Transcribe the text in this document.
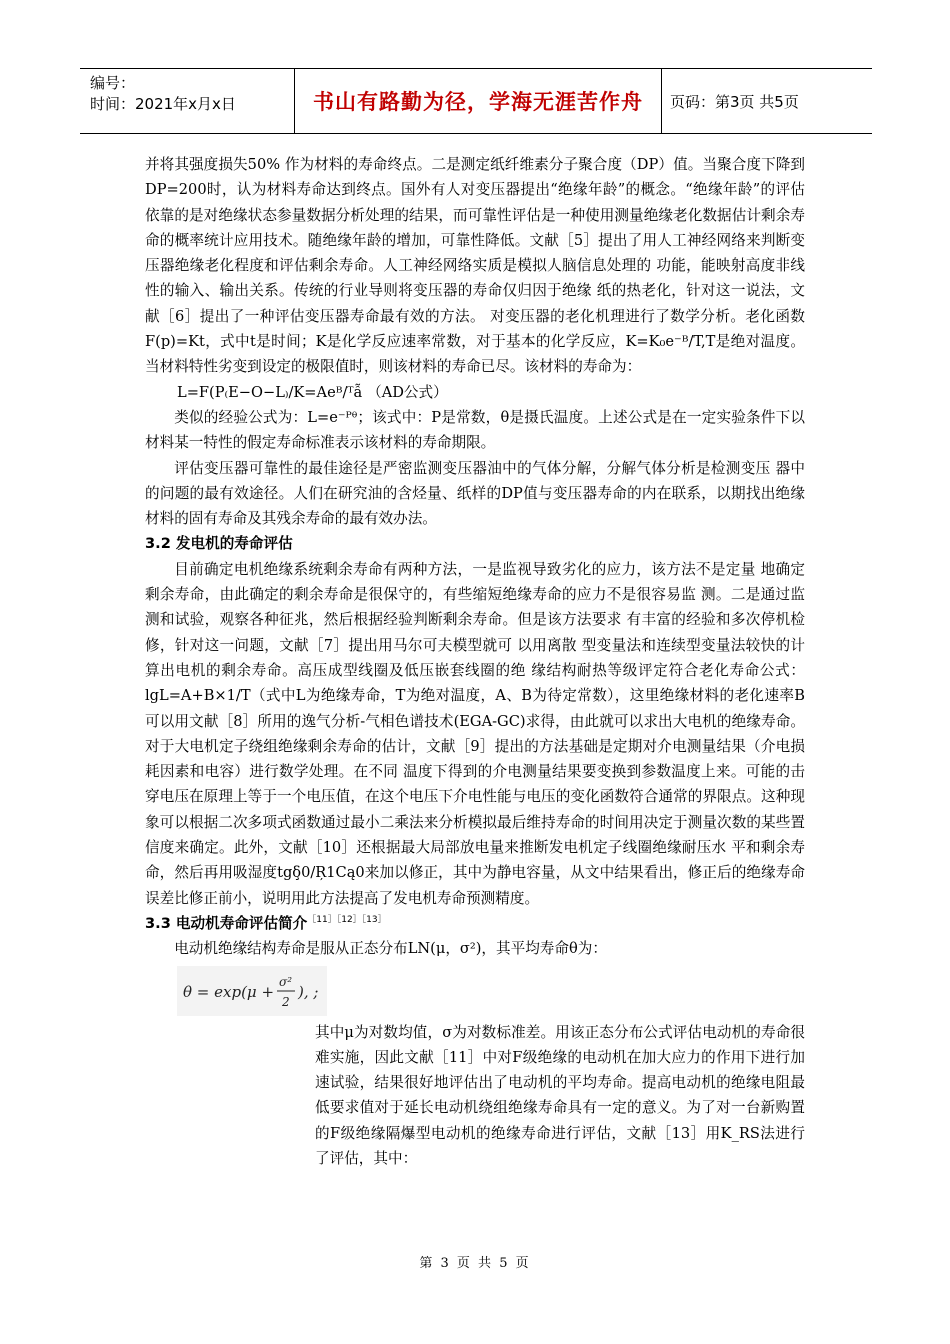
编号：
时间：2021年x月x日	书山有路勤为径，学海无涯苦作舟	页码：第3页 共5页

并将其强度损失50% 作为材料的寿命终点。二是测定纸纤维素分子聚合度（DP）值。当聚合度下降到DP=200时，认为材料寿命达到终点。国外有人对变压器提出“绝缘年龄”的概念。“绝缘年龄”的评估依靠的是对绝缘状态参量数据分析处理的结果，而可靠性评估是一种使用测量绝缘老化数据估计剩余寿命的概率统计应用技术。随绝缘年龄的增加，可靠性降低。文献［5］提出了用人工神经网络来判断变压器绝缘老化程度和评估剩余寿命。人工神经网络实质是模拟人脑信息处理的 功能，能映射高度非线性的输入、输出关系。传统的行业导则将变压器的寿命仅归因于绝缘 纸的热老化，针对这一说法，文献［6］提出了一种评估变压器寿命最有效的方法。 对变压器的老化机理进行了数学分析。老化函数F(p)=Kt，式中t是时间；K是化学反应速率常数，对于基本的化学反应，K=K₀e⁻ᴮ/T,T是绝对温度。当材料特性劣变到设定的极限值时，则该材料的寿命已尽。该材料的寿命为：

L=F(P₍E−O−L₎/K=Aeᴮ/ᵀẫ （AD公式）

类似的经验公式为：L=e⁻ᴾᶿ；该式中：P是常数，θ是摄氏温度。上述公式是在一定实验条件下以材料某一特性的假定寿命标准表示该材料的寿命期限。

评估变压器可靠性的最佳途径是严密监测变压器油中的气体分解，分解气体分析是检测变压 器中的问题的最有效途径。人们在研究油的含烃量、纸样的DP值与变压器寿命的内在联系，以期找出绝缘材料的固有寿命及其残余寿命的最有效办法。

3.2 发电机的寿命评估

目前确定电机绝缘系统剩余寿命有两种方法，一是监视导致劣化的应力，该方法不是定量 地确定剩余寿命，由此确定的剩余寿命是很保守的，有些缩短绝缘寿命的应力不是很容易监 测。二是通过监测和试验，观察各种征兆，然后根据经验判断剩余寿命。但是该方法要求 有丰富的经验和多次停机检修，针对这一问题，文献［7］提出用马尔可夫模型就可 以用离散 型变量法和连续型变量法较快的计算出电机的剩余寿命。高压成型线圈及低压嵌套线圈的绝 缘结构耐热等级评定符合老化寿命公式：lgL=A+B×1/T（式中L为绝缘寿命，T为绝对温度，A、B为待定常数），这里绝缘材料的老化速率B可以用文献［8］所用的逸气分析-气相色谱技术(EGA-GC)求得，由此就可以求出大电机的绝缘寿命。对于大电机定子绕组绝缘剩余寿命的估计，文献［9］提出的方法基础是定期对介电测量结果（介电损耗因素和电容）进行数学处理。在不同 温度下得到的介电测量结果要变换到参数温度上来。可能的击穿电压在原理上等于一个电压值，在这个电压下介电性能与电压的变化函数符合通常的界限点。这种现象可以根据二次多项式函数通过最小二乘法来分析模拟最后维持寿命的时间用决定于测量次数的某些置信度来确定。此外，文献［10］还根据最大局部放电量来推断发电机定子线圈绝缘耐压水 平和剩余寿命，然后再用吸湿度tgδ̧0/Ŗ1Cą0来加以修正，其中为静电容量，从文中结果看出，修正后的绝缘寿命误差比修正前小，说明用此方法提高了发电机寿命预测精度。

3.3 电动机寿命评估简介$^{[11][12][13]}$

电动机绝缘结构寿命是服从正态分布LN(μ，σ²)，其平均寿命θ为：

θ = exp(μ +
σ²
2
), ;

其中μ为对数均值，σ为对数标准差。用该正态分布公式评估电动机的寿命很难实施，因此文献［11］中对F级绝缘的电动机在加大应力的作用下进行加速试验，结果很好地评估出了电动机的平均寿命。提高电动机的绝缘电阻最低要求值对于延长电动机绕组绝缘寿命具有一定的意义。为了对一台新购置的F级绝缘隔爆型电动机的绝缘寿命进行评估，文献［13］用K_RS法进行了评估，其中：

第 3 页 共 5 页
